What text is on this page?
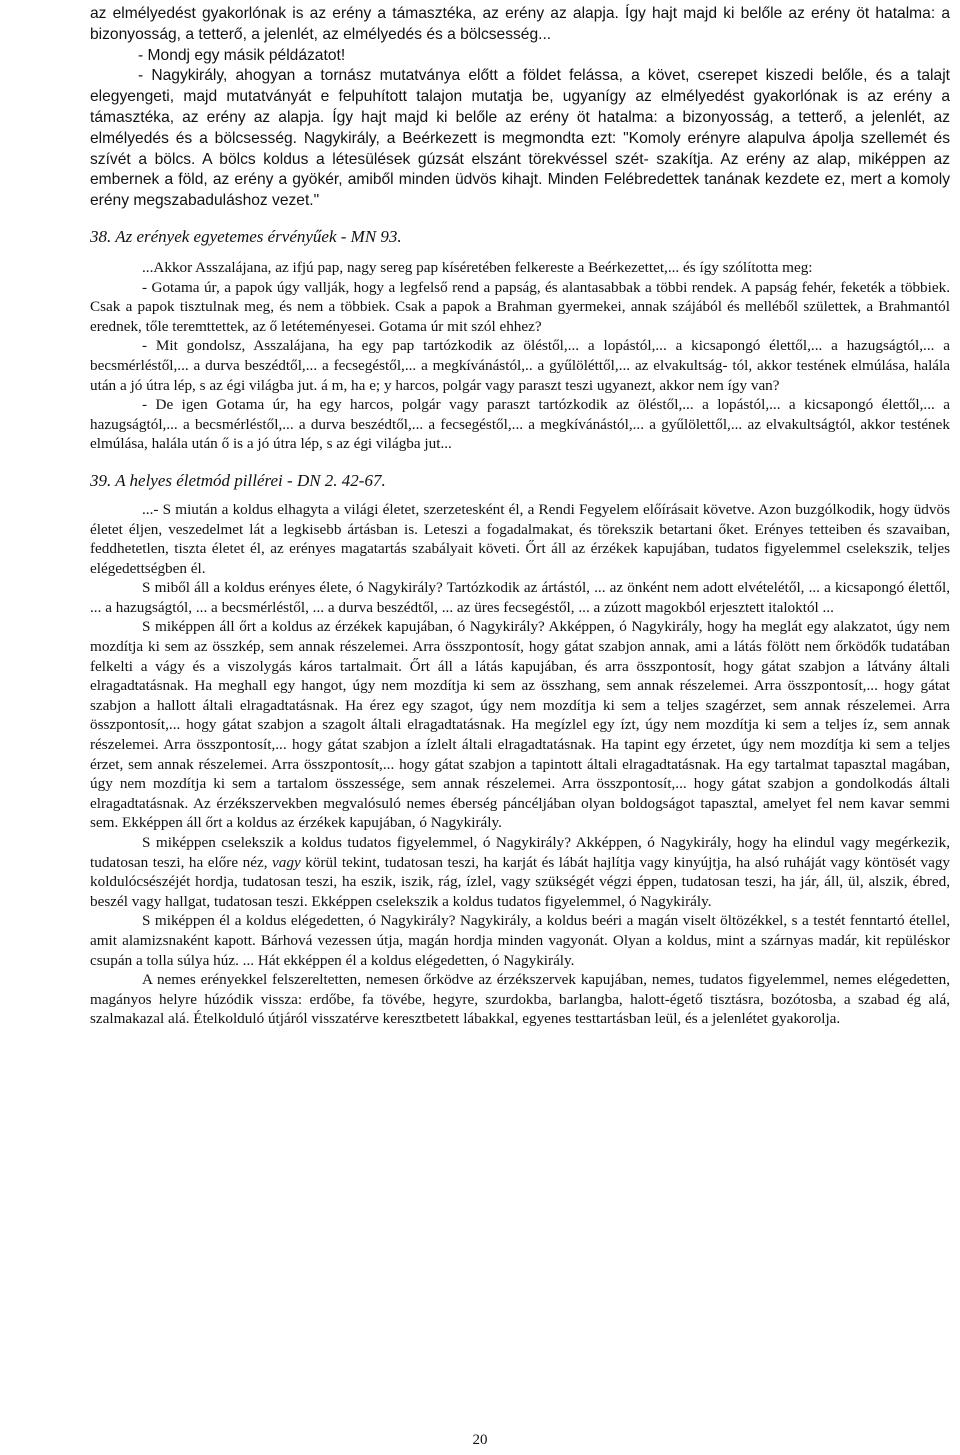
az elmélyedést gyakorlónak is az erény a támasztéka, az erény az alapja. Így hajt majd ki belőle az erény öt hatalma: a bizonyosság, a tetterő, a jelenlét, az elmélyedés és a bölcsesség...

- Mondj egy másik példázatot!

- Nagykirály, ahogyan a tornász mutatványa előtt a földet felássa, a követ, cserepet kiszedi belőle, és a talajt elegyengeti, majd mutatványát e felpuhított talajon mutatja be, ugyanígy az elmélyedést gyakorlónak is az erény a támasztéka, az erény az alapja. Így hajt majd ki belőle az erény öt hatalma: a bizonyosság, a tetterő, a jelenlét, az elmélyedés és a bölcsesség. Nagykirály, a Beérkezett is megmondta ezt: "Komoly erényre alapulva ápolja szellemét és szívét a bölcs. A bölcs koldus a létesülések gúzsát elszánt törekvéssel szét- szakítja. Az erény az alap, miképpen az embernek a föld, az erény a gyökér, amiből minden üdvös kihajt. Minden Felébredettek tanának kezdete ez, mert a komoly erény megszabaduláshoz vezet."

38. Az erények egyetemes érvényűek - MN 93.

...Akkor Asszalájana, az ifjú pap, nagy sereg pap kíséretében felkereste a Beérkezettet,... és így szólította meg:

- Gotama úr, a papok úgy vallják, hogy a legfelső rend a papság, és alantasabbak a többi rendek. A papság fehér, feketék a többiek. Csak a papok tisztulnak meg, és nem a többiek. Csak a papok a Brahman gyermekei, annak szájából és melléből születtek, a Brahmantól erednek, tőle teremttettek, az ő letéteményesei. Gotama úr mit szól ehhez?

- Mit gondolsz, Asszalájana, ha egy pap tartózkodik az öléstől,... a lopástól,... a kicsapongó élettől,... a hazugságtól,... a becsmérléstől,... a durva beszédtől,... a fecsegéstől,... a megkívánástól,.. a gyűlöléttől,... az elvakultság- tól, akkor testének elmúlása, halála után a jó útra lép, s az égi világba jut. á m, ha e; y harcos, polgár vagy paraszt teszi ugyanezt, akkor nem így van?

- De igen Gotama úr, ha egy harcos, polgár vagy paraszt tartózkodik az öléstől,... a lopástól,... a kicsapongó élettől,... a hazugságtól,... a becsmérléstől,... a durva beszédtől,... a fecsegéstől,... a megkívánástól,... a gyűlölettől,... az elvakultságtól, akkor testének elmúlása, halála után ő is a jó útra lép, s az égi világba jut...

39. A helyes életmód pillérei - DN 2. 42-67.

...- S miután a koldus elhagyta a világi életet, szerzetesként él, a Rendi Fegyelem előírásait követve. Azon buzgólkodik, hogy üdvös életet éljen, veszedelmet lát a legkisebb ártásban is. Leteszi a fogadalmakat, és törekszik betartani őket. Erényes tetteiben és szavaiban, feddhetetlen, tiszta életet él, az erényes magatartás szabályait követi. Őrt áll az érzékek kapujában, tudatos figyelemmel cselekszik, teljes elégedettségben él.

S miből áll a koldus erényes élete, ó Nagykirály? Tartózkodik az ártástól, ... az önként nem adott elvételétől, ... a kicsapongó élettől, ... a hazugságtól, ... a becsmérléstől, ... a durva beszédtől, ... az üres fecsegéstől, ... a zúzott magokból erjesztett italoktól ...

S miképpen áll őrt a koldus az érzékek kapujában, ó Nagykirály? Akképpen, ó Nagykirály, hogy ha meglát egy alakzatot, úgy nem mozdítja ki sem az összkép, sem annak részelemei. Arra összpontosít, hogy gátat szabjon annak, ami a látás fölött nem őrködők tudatában felkelti a vágy és a viszolygás káros tartalmait. Őrt áll a látás kapujában, és arra összpontosít, hogy gátat szabjon a látvány általi elragadtatásnak. Ha meghall egy hangot, úgy nem mozdítja ki sem az összhang, sem annak részelemei. Arra összpontosít,... hogy gátat szabjon a hallott általi elragadtatásnak. Ha érez egy szagot, úgy nem mozdítja ki sem a teljes szagérzet, sem annak részelemei. Arra összpontosít,... hogy gátat szabjon a szagolt általi elragadtatásnak. Ha megízlel egy ízt, úgy nem mozdítja ki sem a teljes íz, sem annak részelemei. Arra összpontosít,... hogy gátat szabjon a ízlelt általi elragadtatásnak. Ha tapint egy érzetet, úgy nem mozdítja ki sem a teljes érzet, sem annak részelemei. Arra összpontosít,... hogy gátat szabjon a tapintott általi elragadtatásnak. Ha egy tartalmat tapasztal magában, úgy nem mozdítja ki sem a tartalom összessége, sem annak részelemei. Arra összpontosít,... hogy gátat szabjon a gondolkodás általi elragadtatásnak. Az érzékszervekben megvalósuló nemes éberség páncéljában olyan boldogságot tapasztal, amelyet fel nem kavar semmi sem. Ekképpen áll őrt a koldus az érzékek kapujában, ó Nagykirály.

S miképpen cselekszik a koldus tudatos figyelemmel, ó Nagykirály? Akképpen, ó Nagykirály, hogy ha elindul vagy megérkezik, tudatosan teszi, ha előre néz, vagy körül tekint, tudatosan teszi, ha karját és lábát hajlítja vagy kinyújtja, ha alsó ruháját vagy köntösét vagy koldulócsészéjét hordja, tudatosan teszi, ha eszik, iszik, rág, ízlel, vagy szükségét végzi éppen, tudatosan teszi, ha jár, áll, ül, alszik, ébred, beszél vagy hallgat, tudatosan teszi. Ekképpen cselekszik a koldus tudatos figyelemmel, ó Nagykirály.

S miképpen él a koldus elégedetten, ó Nagykirály? Nagykirály, a koldus beéri a magán viselt öltözékkel, s a testét fenntartó étellel, amit alamizsnaként kapott. Bárhová vezessen útja, magán hordja minden vagyonát. Olyan a koldus, mint a szárnyas madár, kit repüléskor csupán a tolla súlya húz. ... Hát ekképpen él a koldus elégedetten, ó Nagykirály.

A nemes erényekkel felszereltetten, nemesen őrködve az érzékszervek kapujában, nemes, tudatos figyelemmel, nemes elégedetten, magányos helyre húzódik vissza: erdőbe, fa tövébe, hegyre, szurdokba, barlangba, halott-égető tisztásra, bozótosba, a szabad ég alá, szalmakazal alá. Ételkolduló útjáról visszatérve keresztbetett lábakkal, egyenes testtartásban leül, és a jelenlétet gyakorolja.

20
